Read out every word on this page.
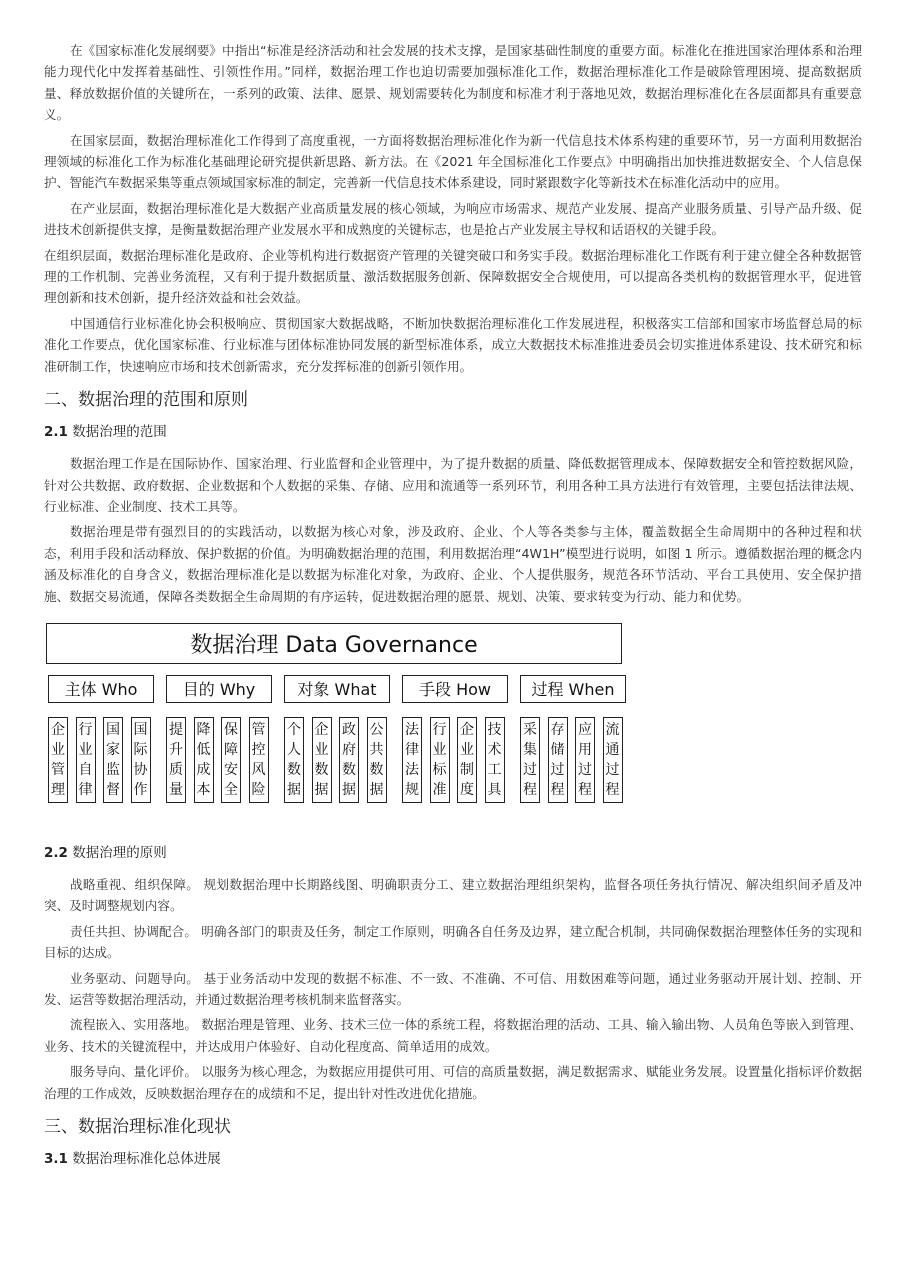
在《国家标准化发展纲要》中指出“标准是经济活动和社会发展的技术支撑，是国家基础性制度的重要方面。标准化在推进国家治理体系和治理能力现代化中发挥着基础性、引领性作用。”同样，数据治理工作也迫切需要加强标准化工作，数据治理标准化工作是破除管理困境、提高数据质量、释放数据价值的关键所在，一系列的政策、法律、愿景、规划需要转化为制度和标准才利于落地见效，数据治理标准化在各层面都具有重要意义。

在国家层面，数据治理标准化工作得到了高度重视，一方面将数据治理标准化作为新一代信息技术体系构建的重要环节，另一方面利用数据治理领域的标准化工作为标准化基础理论研究提供新思路、新方法。在《2021 年全国标准化工作要点》中明确指出加快推进数据安全、个人信息保护、智能汽车数据采集等重点领域国家标准的制定，完善新一代信息技术体系建设，同时紧跟数字化等新技术在标准化活动中的应用。

在产业层面，数据治理标准化是大数据产业高质量发展的核心领域，为响应市场需求、规范产业发展、提高产业服务质量、引导产品升级、促进技术创新提供支撑，是衡量数据治理产业发展水平和成熟度的关键标志，也是抢占产业发展主导权和话语权的关键手段。

在组织层面，数据治理标准化是政府、企业等机构进行数据资产管理的关键突破口和务实手段。数据治理标准化工作既有利于建立健全各种数据管理的工作机制、完善业务流程，又有利于提升数据质量、激活数据服务创新、保障数据安全合规使用，可以提高各类机构的数据管理水平，促进管理创新和技术创新，提升经济效益和社会效益。

中国通信行业标准化协会积极响应、贯彻国家大数据战略，不断加快数据治理标准化工作发展进程，积极落实工信部和国家市场监督总局的标准化工作要点，优化国家标准、行业标准与团体标准协同发展的新型标准体系，成立大数据技术标准推进委员会切实推进体系建设、技术研究和标准研制工作，快速响应市场和技术创新需求，充分发挥标准的创新引领作用。

二、数据治理的范围和原则
2.1 数据治理的范围

数据治理工作是在国际协作、国家治理、行业监督和企业管理中，为了提升数据的质量、降低数据管理成本、保障数据安全和管控数据风险，针对公共数据、政府数据、企业数据和个人数据的采集、存储、应用和流通等一系列环节，利用各种工具方法进行有效管理，主要包括法律法规、行业标准、企业制度、技术工具等。

数据治理是带有强烈目的的实践活动，以数据为核心对象，涉及政府、企业、个人等各类参与主体，覆盖数据全生命周期中的各种过程和状态，利用手段和活动释放、保护数据的价值。为明确数据治理的范围，利用数据治理“4W1H”模型进行说明，如图 1 所示。遵循数据治理的概念内涵及标准化的自身含义，数据治理标准化是以数据为标准化对象，为政府、企业、个人提供服务，规范各环节活动、平台工具使用、安全保护措施、数据交易流通，保障各类数据全生命周期的有序运转，促进数据治理的愿景、规划、决策、要求转变为行动、能力和优势。

数据治理 Data Governance
主体 Who	目的 Why	对象 What	手段 How	过程 When
企
业
管
理
行
业
自
律
国
家
监
督
国
际
协
作
提
升
质
量
降
低
成
本
保
障
安
全
管
控
风
险
个
人
数
据
企
业
数
据
政
府
数
据
公
共
数
据
法
律
法
规
行
业
标
准
企
业
制
度
技
术
工
具
采
集
过
程
存
储
过
程
应
用
过
程
流
通
过
程
2.2 数据治理的原则

战略重视、组织保障。 规划数据治理中长期路线图、明确职责分工、建立数据治理组织架构，监督各项任务执行情况、解决组织间矛盾及冲突、及时调整规划内容。

责任共担、协调配合。 明确各部门的职责及任务，制定工作原则，明确各自任务及边界，建立配合机制，共同确保数据治理整体任务的实现和目标的达成。

业务驱动、问题导向。 基于业务活动中发现的数据不标准、不一致、不准确、不可信、用数困难等问题，通过业务驱动开展计划、控制、开发、运营等数据治理活动，并通过数据治理考核机制来监督落实。

流程嵌入、实用落地。 数据治理是管理、业务、技术三位一体的系统工程，将数据治理的活动、工具、输入输出物、人员角色等嵌入到管理、业务、技术的关键流程中，并达成用户体验好、自动化程度高、简单适用的成效。

服务导向、量化评价。 以服务为核心理念，为数据应用提供可用、可信的高质量数据，满足数据需求、赋能业务发展。设置量化指标评价数据治理的工作成效，反映数据治理存在的成绩和不足，提出针对性改进优化措施。

三、数据治理标准化现状
3.1 数据治理标准化总体进展
